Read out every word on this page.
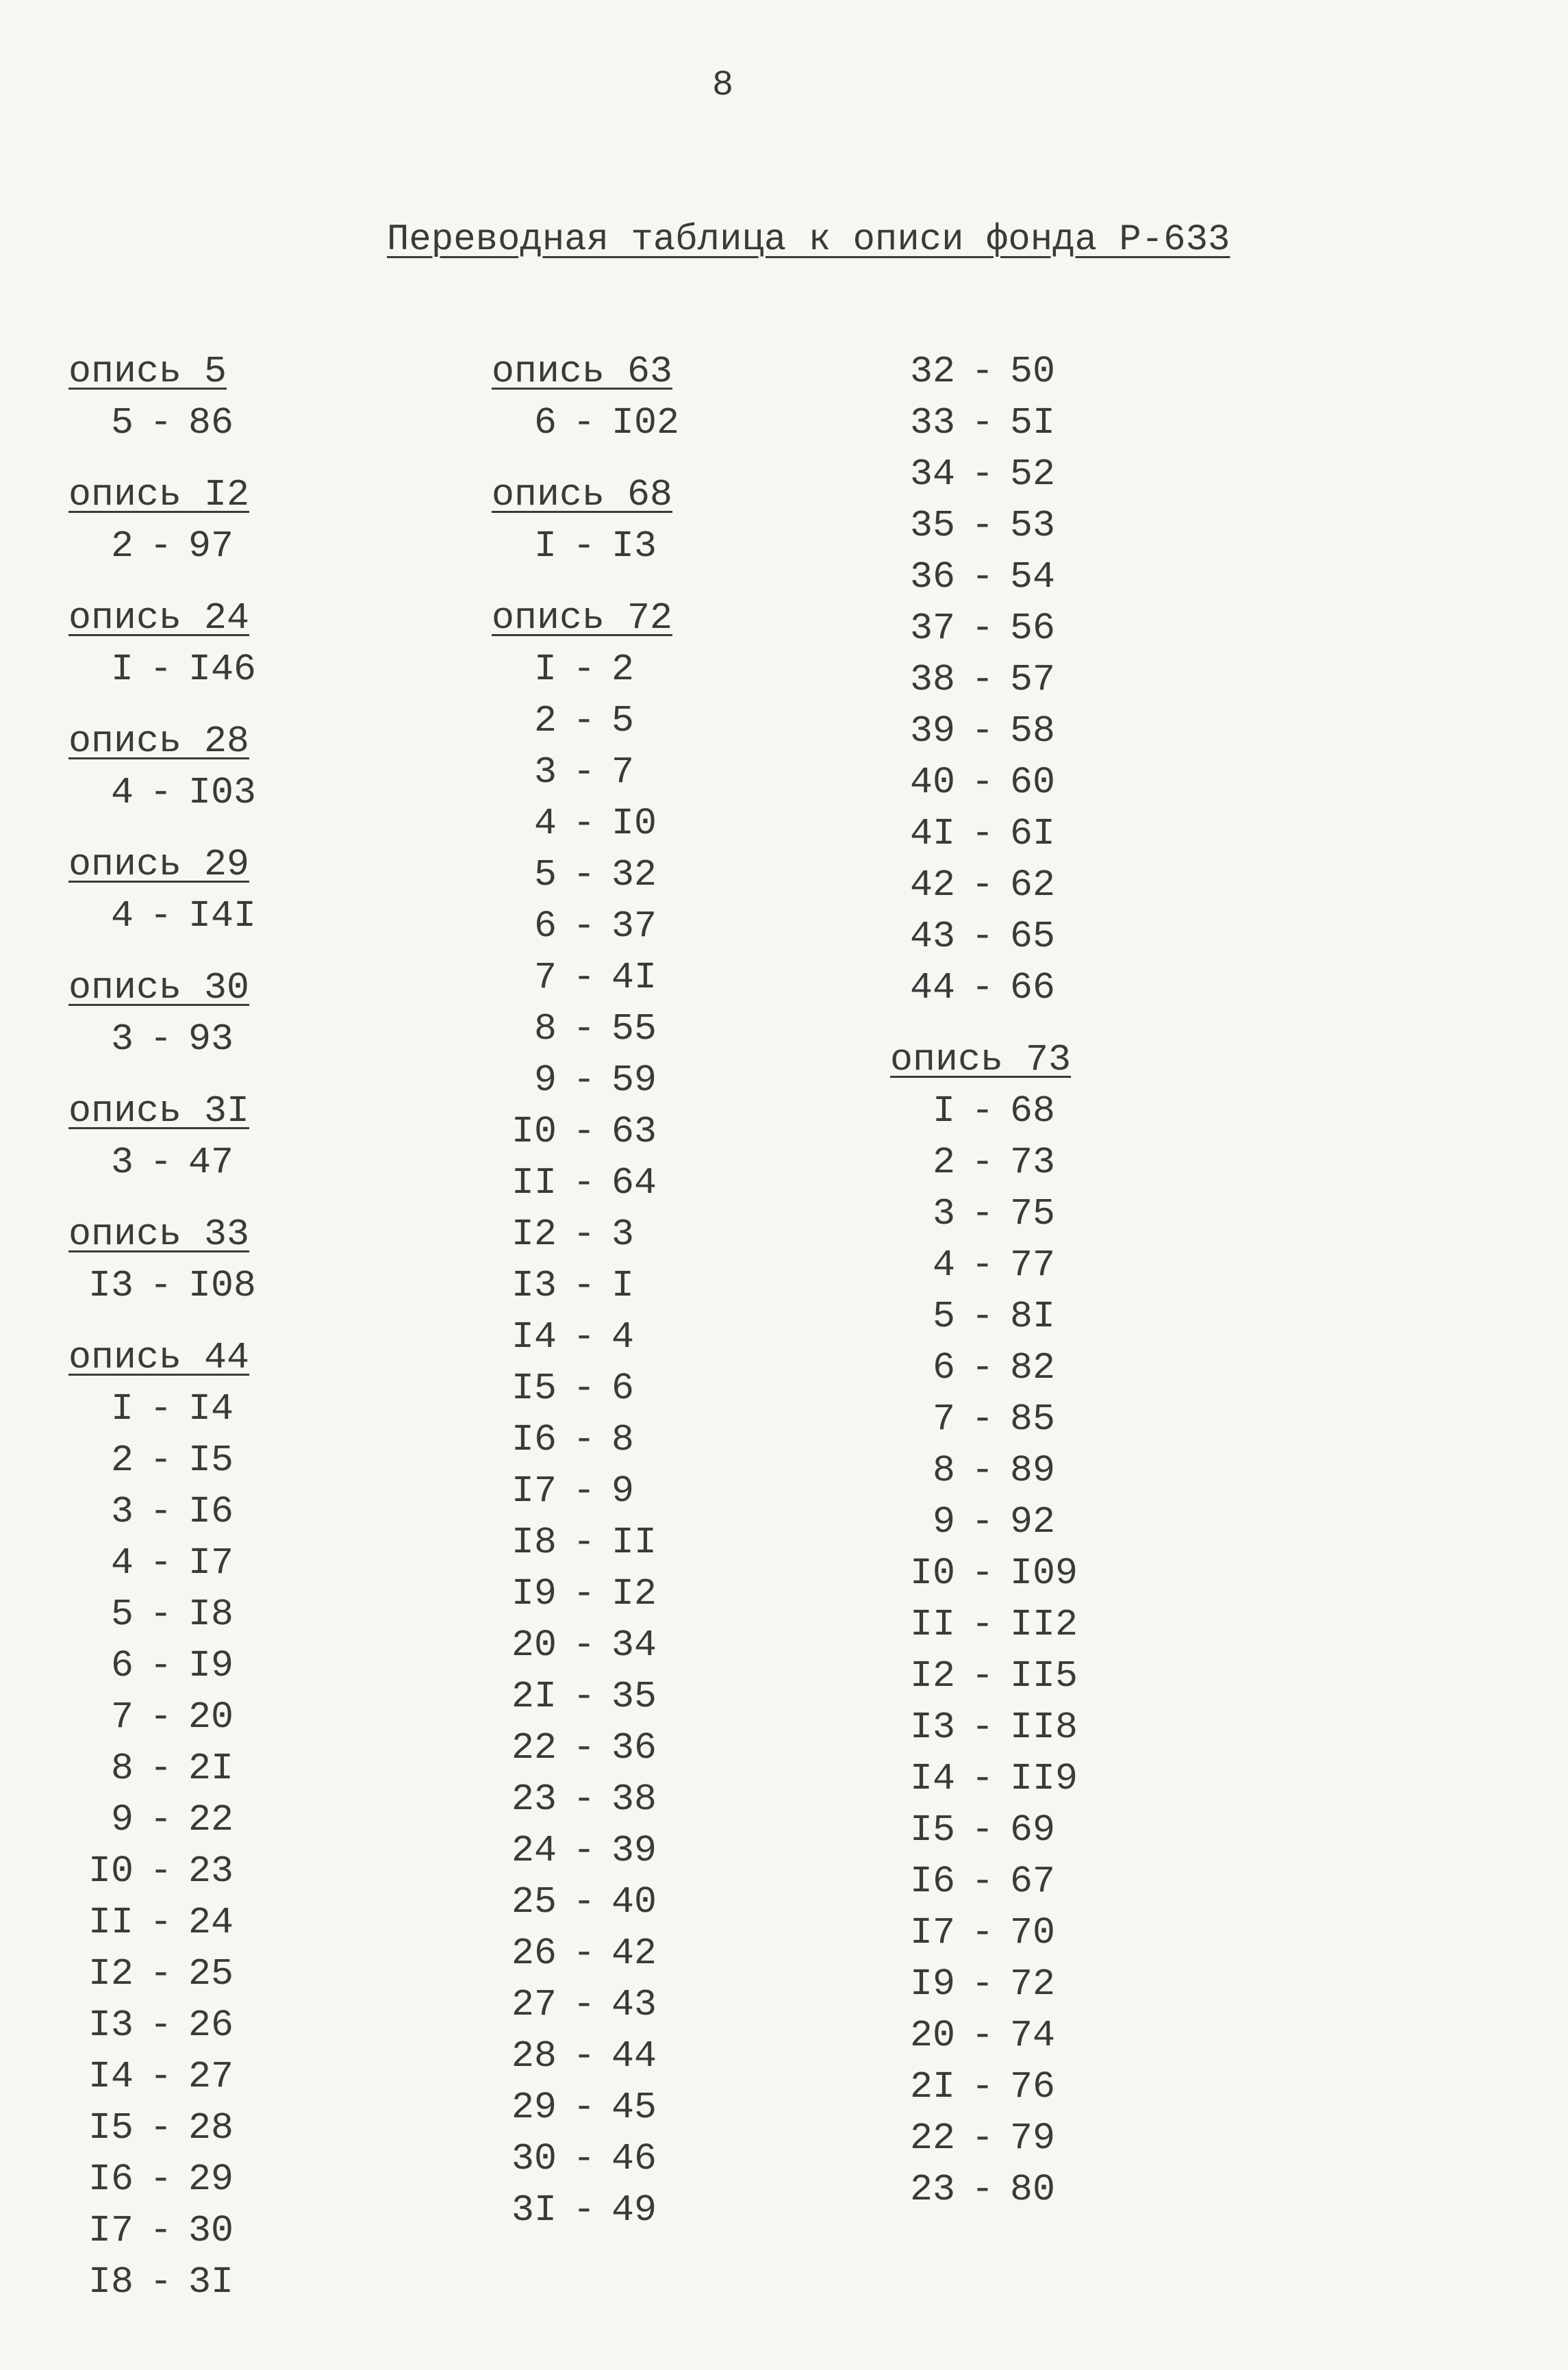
8
Переводная таблица к описи фонда Р-633
опись 5
5 - 86
опись I2
2 - 97
опись 24
I - I46
опись 28
4 - I03
опись 29
4 - I4I
опись 30
3 - 93
опись 3I
3 - 47
опись 33
I3 - I08
опись 44
I - I4
2 - I5
3 - I6
4 - I7
5 - I8
6 - I9
7 - 20
8 - 2I
9 - 22
I0 - 23
II - 24
I2 - 25
I3 - 26
I4 - 27
I5 - 28
I6 - 29
I7 - 30
I8 - 3I
опись 63
6 - I02
опись 68
I - I3
опись 72
I - 2
2 - 5
3 - 7
4 - I0
5 - 32
6 - 37
7 - 4I
8 - 55
9 - 59
I0 - 63
II - 64
I2 - 3
I3 - I
I4 - 4
I5 - 6
I6 - 8
I7 - 9
I8 - II
I9 - I2
20 - 34
2I - 35
22 - 36
23 - 38
24 - 39
25 - 40
26 - 42
27 - 43
28 - 44
29 - 45
30 - 46
3I - 49
32 - 50
33 - 5I
34 - 52
35 - 53
36 - 54
37 - 56
38 - 57
39 - 58
40 - 60
4I - 6I
42 - 62
43 - 65
44 - 66
опись 73
I - 68
2 - 73
3 - 75
4 - 77
5 - 8I
6 - 82
7 - 85
8 - 89
9 - 92
I0 - I09
II - II2
I2 - II5
I3 - II8
I4 - II9
I5 - 69
I6 - 67
I7 - 70
I9 - 72
20 - 74
2I - 76
22 - 79
23 - 80
